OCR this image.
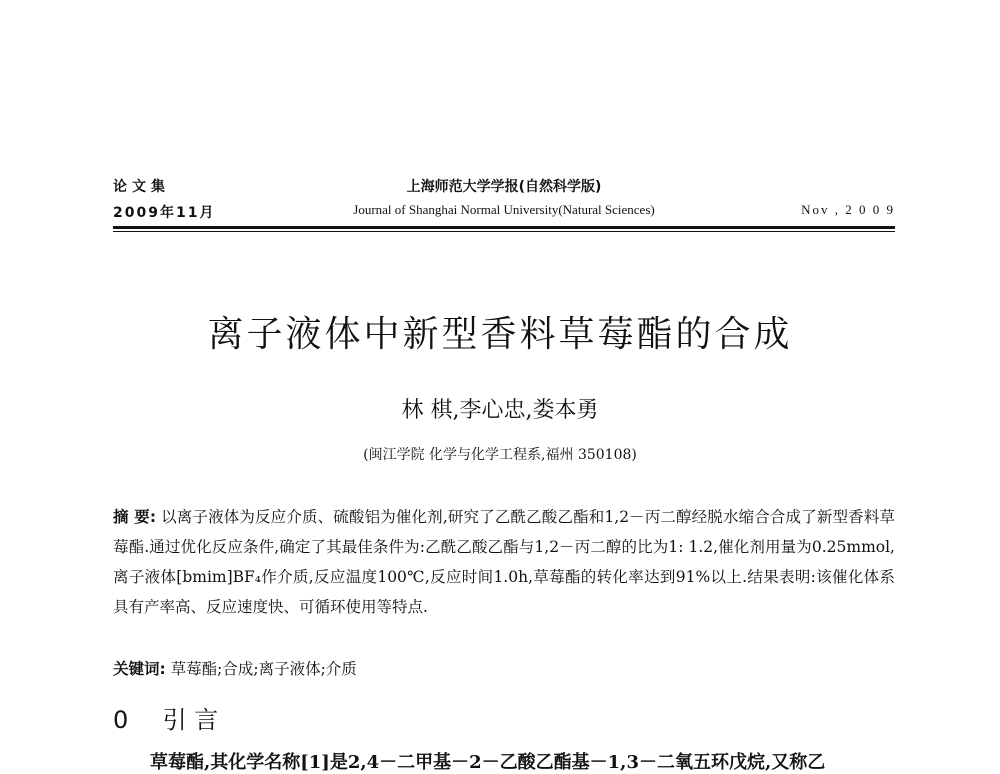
论文集
2009年11月
上海师范大学学报(自然科学版)
Journal of Shanghai Normal University(Natural Sciences)	Nov , 2 0 0 9
离子液体中新型香料草莓酯的合成
林 棋,李心忠,娄本勇
(闽江学院 化学与化学工程系,福州 350108)
摘 要: 以离子液体为反应介质、硫酸铝为催化剂,研究了乙酰乙酸乙酯和1,2－丙二醇经脱水缩合合成了新型香料草莓酯.通过优化反应条件,确定了其最佳条件为:乙酰乙酸乙酯与1,2－丙二醇的比为1: 1.2,催化剂用量为0.25mmol,离子液体[bmim]BF₄作介质,反应温度100℃,反应时间1.0h,草莓酯的转化率达到91%以上.结果表明:该催化体系具有产率高、反应速度快、可循环使用等特点.
关键词: 草莓酯;合成;离子液体;介质
0 引 言
草莓酯,其化学名称[1]是2,4－二甲基－2－乙酸乙酯基－1,3－二氧五环戊烷,又称乙
